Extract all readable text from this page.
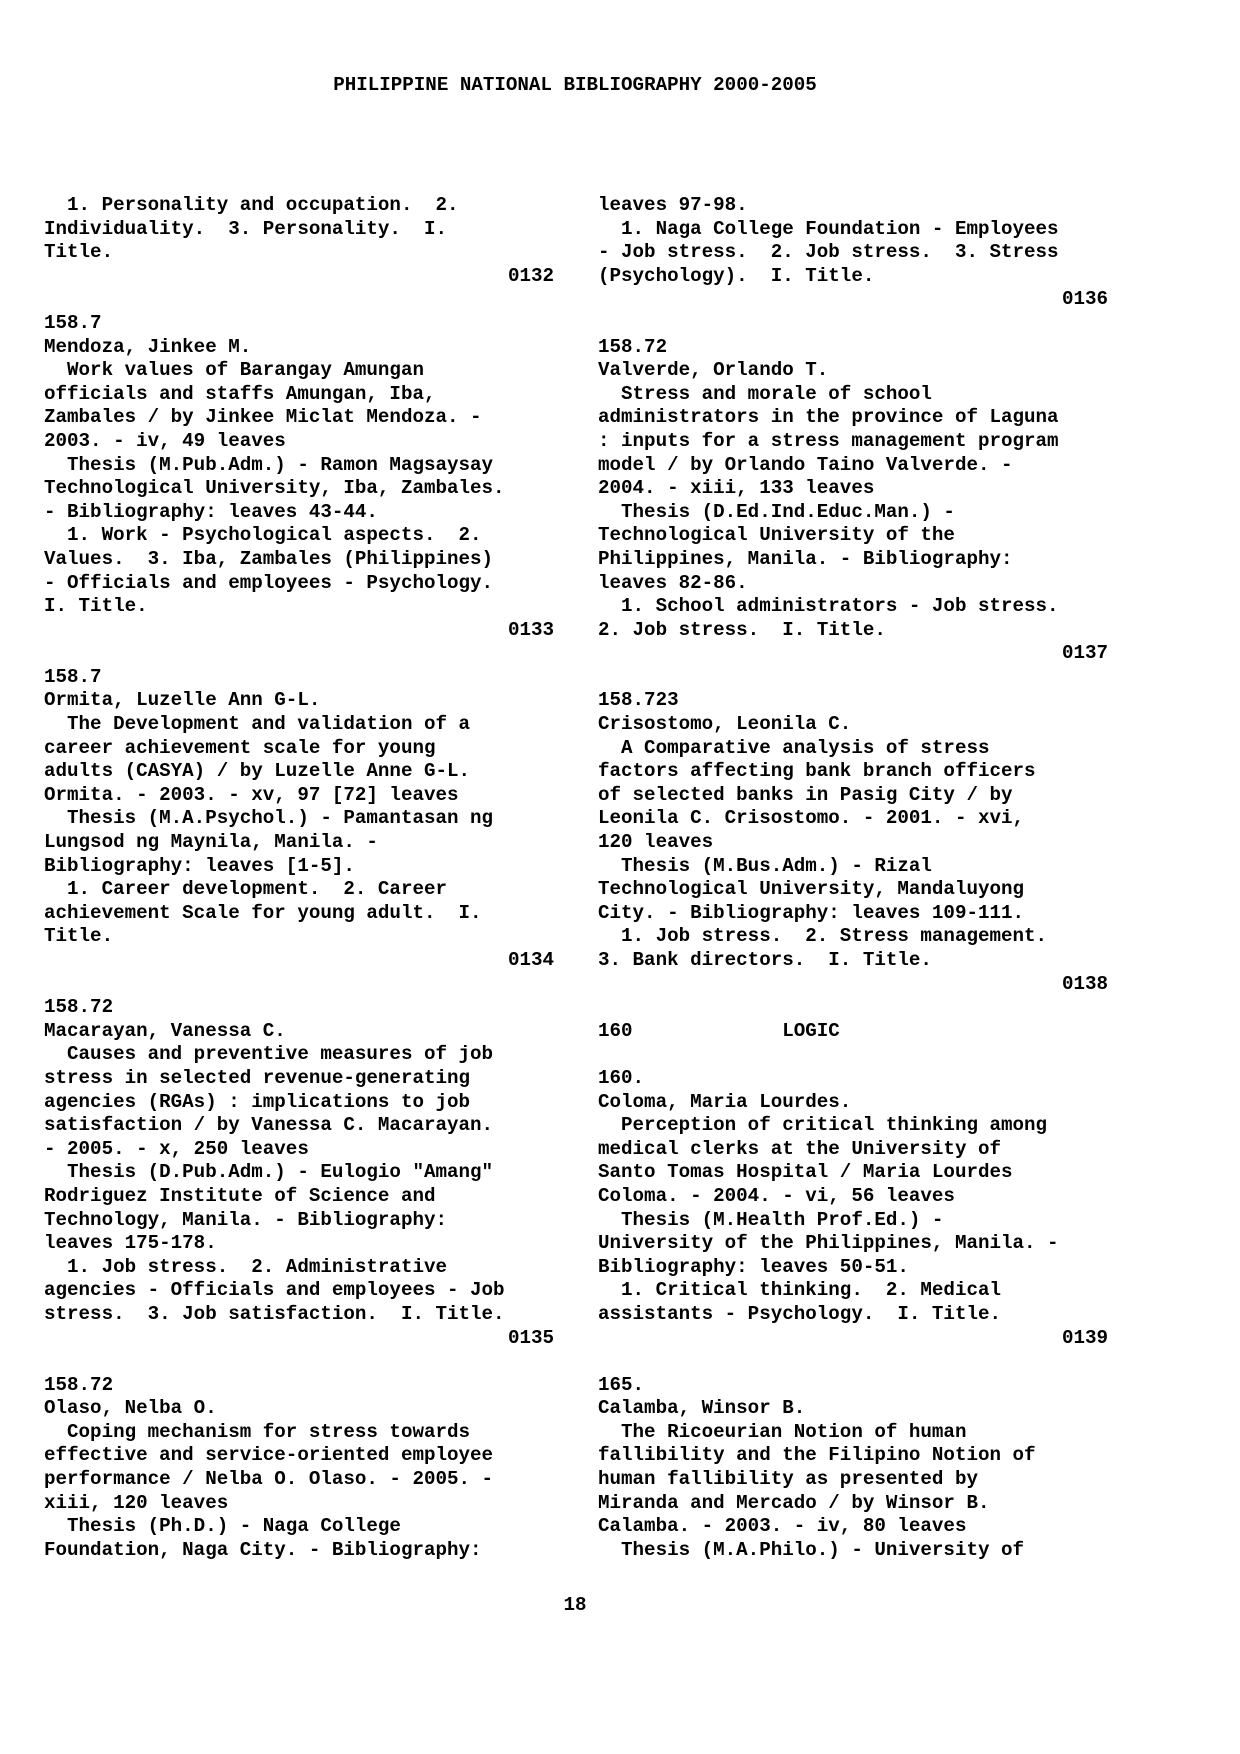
PHILIPPINE NATIONAL BIBLIOGRAPHY 2000-2005
1. Personality and occupation.  2.
Individuality.  3. Personality.  I.
Title.
0132
158.7
Mendoza, Jinkee M.
Work values of Barangay Amungan
officials and staffs Amungan, Iba,
Zambales / by Jinkee Miclat Mendoza. -
2003. - iv, 49 leaves
Thesis (M.Pub.Adm.) - Ramon Magsaysay
Technological University, Iba, Zambales.
- Bibliography: leaves 43-44.
1. Work - Psychological aspects.  2.
Values.  3. Iba, Zambales (Philippines)
- Officials and employees - Psychology.
I. Title.
0133
158.7
Ormita, Luzelle Ann G-L.
The Development and validation of a
career achievement scale for young
adults (CASYA) / by Luzelle Anne G-L.
Ormita. - 2003. - xv, 97 [72] leaves
Thesis (M.A.Psychol.) - Pamantasan ng
Lungsod ng Maynila, Manila. -
Bibliography: leaves [1-5].
1. Career development.  2. Career
achievement Scale for young adult.  I.
Title.
0134
158.72
Macarayan, Vanessa C.
Causes and preventive measures of job
stress in selected revenue-generating
agencies (RGAs) : implications to job
satisfaction / by Vanessa C. Macarayan.
- 2005. - x, 250 leaves
Thesis (D.Pub.Adm.) - Eulogio "Amang"
Rodriguez Institute of Science and
Technology, Manila. - Bibliography:
leaves 175-178.
1. Job stress.  2. Administrative
agencies - Officials and employees - Job
stress.  3. Job satisfaction.  I. Title.
0135
158.72
Olaso, Nelba O.
Coping mechanism for stress towards
effective and service-oriented employee
performance / Nelba O. Olaso. - 2005. -
xiii, 120 leaves
Thesis (Ph.D.) - Naga College
Foundation, Naga City. - Bibliography:
leaves 97-98.
1. Naga College Foundation - Employees
- Job stress.  2. Job stress.  3. Stress
(Psychology).  I. Title.
0136
158.72
Valverde, Orlando T.
Stress and morale of school
administrators in the province of Laguna
: inputs for a stress management program
model / by Orlando Taino Valverde. -
2004. - xiii, 133 leaves
Thesis (D.Ed.Ind.Educ.Man.) -
Technological University of the
Philippines, Manila. - Bibliography:
leaves 82-86.
1. School administrators - Job stress.
2. Job stress.  I. Title.
0137
158.723
Crisostomo, Leonila C.
A Comparative analysis of stress
factors affecting bank branch officers
of selected banks in Pasig City / by
Leonila C. Crisostomo. - 2001. - xvi,
120 leaves
Thesis (M.Bus.Adm.) - Rizal
Technological University, Mandaluyong
City. - Bibliography: leaves 109-111.
1. Job stress.  2. Stress management.
3. Bank directors.  I. Title.
0138
160             LOGIC
160.
Coloma, Maria Lourdes.
Perception of critical thinking among
medical clerks at the University of
Santo Tomas Hospital / Maria Lourdes
Coloma. - 2004. - vi, 56 leaves
Thesis (M.Health Prof.Ed.) -
University of the Philippines, Manila. -
Bibliography: leaves 50-51.
1. Critical thinking.  2. Medical
assistants - Psychology.  I. Title.
0139
165.
Calamba, Winsor B.
The Ricoeurian Notion of human
fallibility and the Filipino Notion of
human fallibility as presented by
Miranda and Mercado / by Winsor B.
Calamba. - 2003. - iv, 80 leaves
Thesis (M.A.Philo.) - University of
18
